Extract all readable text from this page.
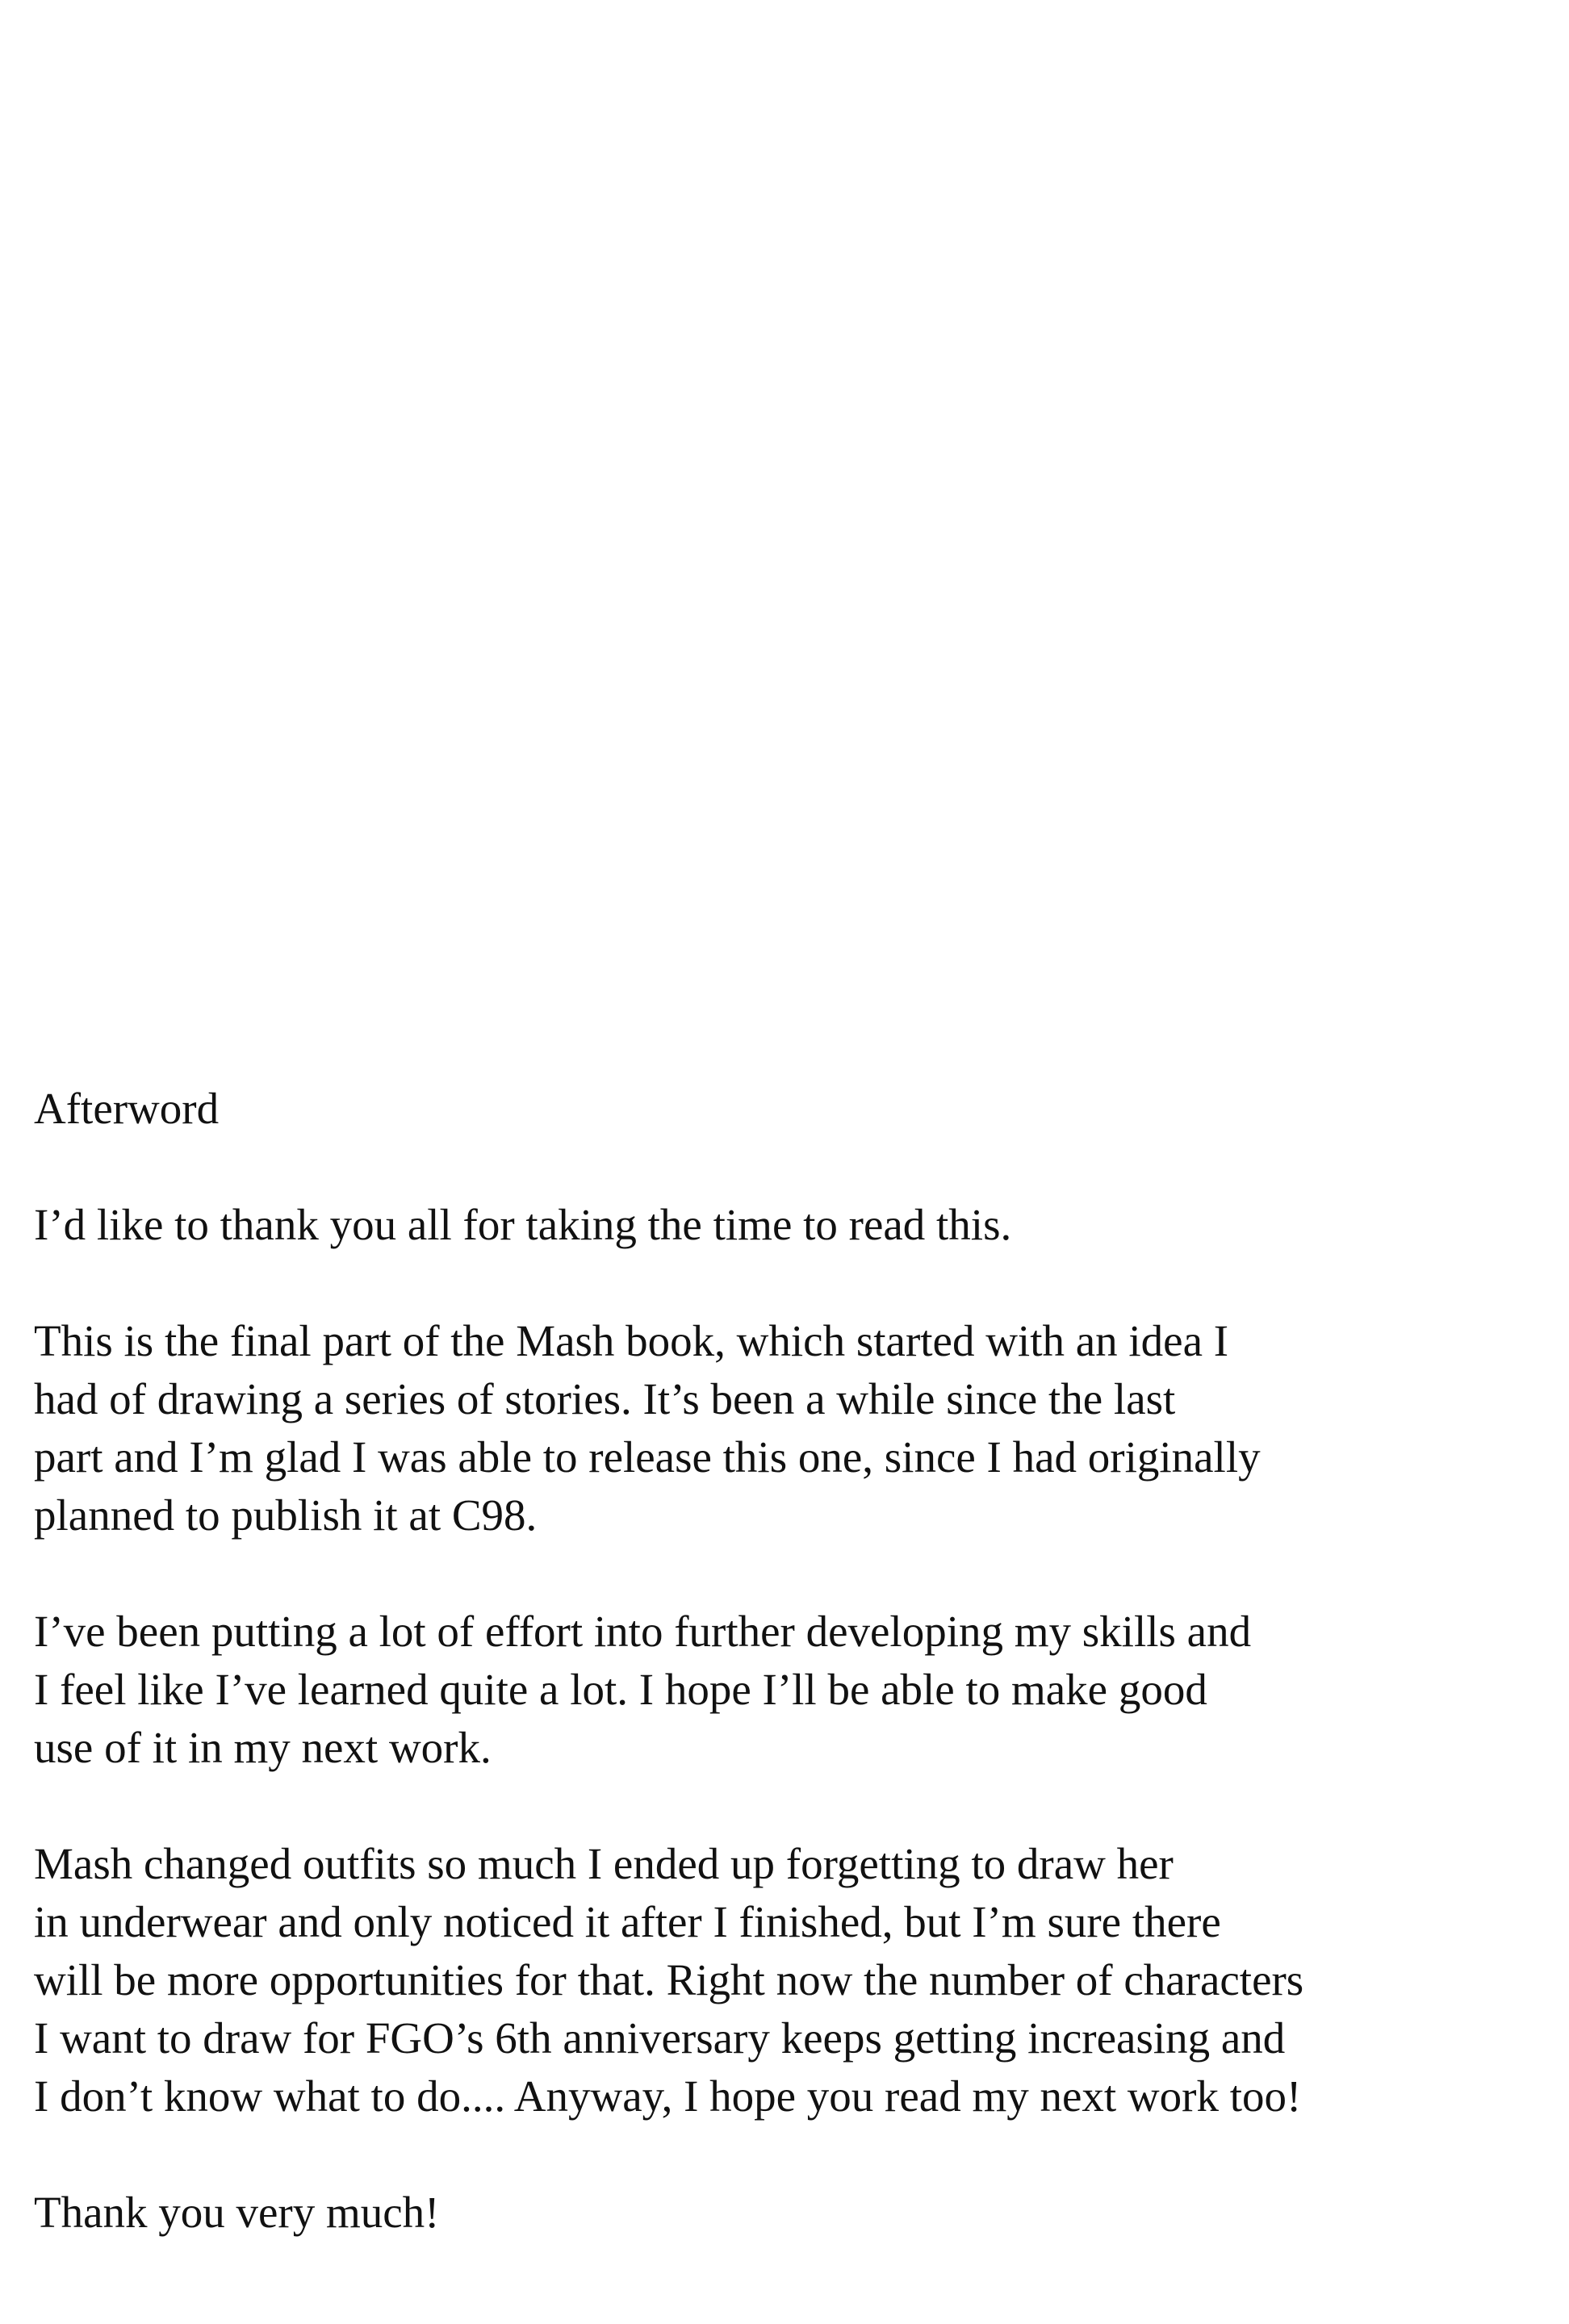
Afterword
I’d like to thank you all for taking the time to read this.
This is the final part of the Mash book, which started with an idea I
had of drawing a series of stories. It’s been a while since the last
part and I’m glad I was able to release this one, since I had originally
planned to publish it at C98.
I’ve been putting a lot of effort into further developing my skills and
I feel like I’ve learned quite a lot. I hope I’ll be able to make good
use of it in my next work.
Mash changed outfits so much I ended up forgetting to draw her
in underwear and only noticed it after I finished, but I’m sure there
will be more opportunities for that. Right now the number of characters
I want to draw for FGO’s 6th anniversary keeps getting increasing and
I don’t know what to do.... Anyway, I hope you read my next work too!
Thank you very much!
